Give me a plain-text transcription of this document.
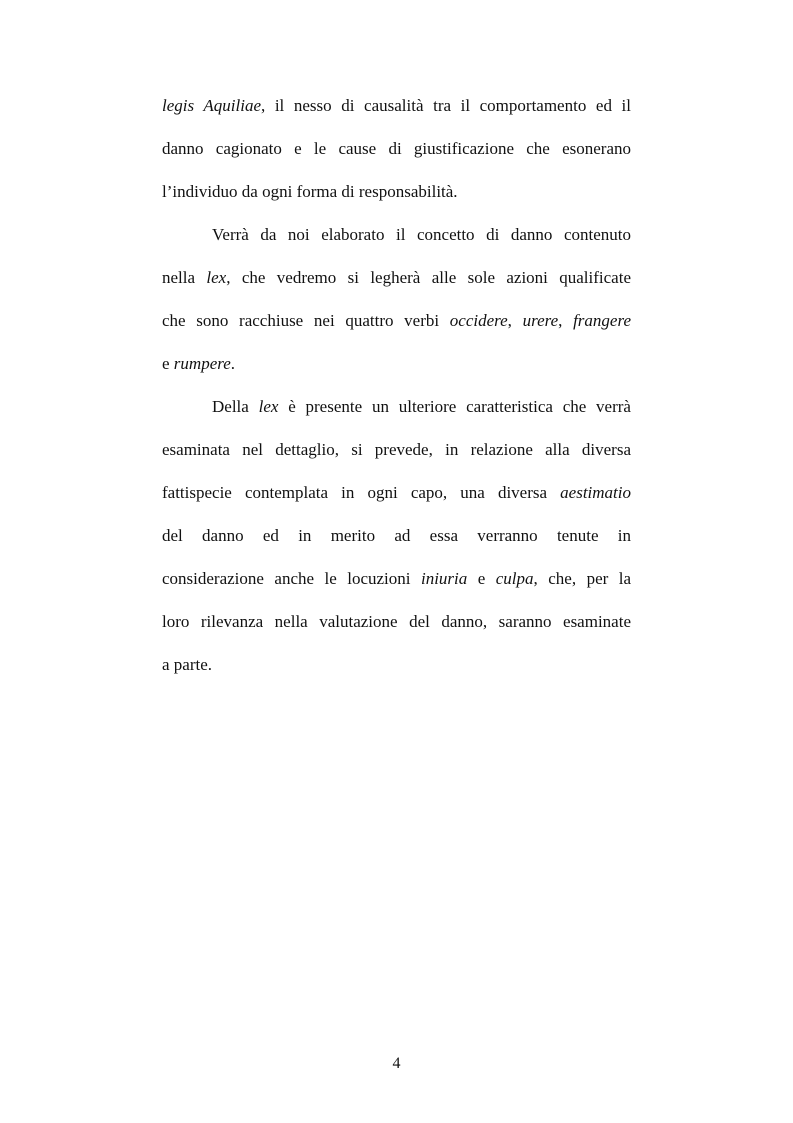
legis Aquiliae, il nesso di causalità tra il comportamento ed il
danno cagionato e le cause di giustificazione che esonerano
l’individuo da ogni forma di responsabilità.
Verrà da noi elaborato il concetto di danno contenuto
nella lex, che vedremo si legherà alle sole azioni qualificate
che sono racchiuse nei quattro verbi occidere, urere, frangere
e rumpere.
Della lex è presente un ulteriore caratteristica che verrà
esaminata nel dettaglio, si prevede, in relazione alla diversa
fattispecie contemplata in ogni capo, una diversa aestimatio
del danno ed in merito ad essa verranno tenute in
considerazione anche le locuzioni iniuria e culpa, che, per la
loro rilevanza nella valutazione del danno, saranno esaminate
a parte.
4
